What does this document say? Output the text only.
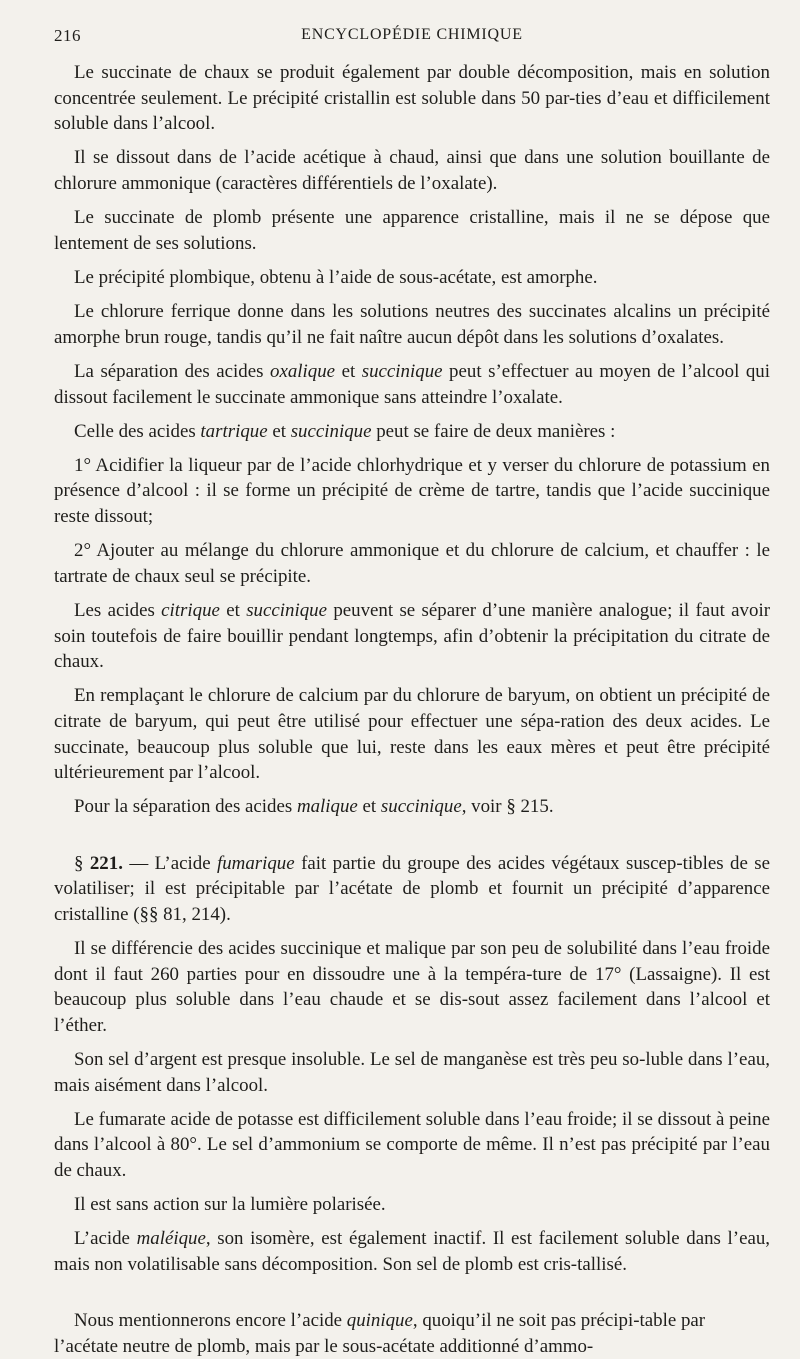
216	ENCYCLOPÉDIE CHIMIQUE

Le succinate de chaux se produit également par double décomposition, mais en solution concentrée seulement. Le précipité cristallin est soluble dans 50 par-ties d’eau et difficilement soluble dans l’alcool.

Il se dissout dans de l’acide acétique à chaud, ainsi que dans une solution bouillante de chlorure ammonique (caractères différentiels de l’oxalate).

Le succinate de plomb présente une apparence cristalline, mais il ne se dépose que lentement de ses solutions.

Le précipité plombique, obtenu à l’aide de sous-acétate, est amorphe.

Le chlorure ferrique donne dans les solutions neutres des succinates alcalins un précipité amorphe brun rouge, tandis qu’il ne fait naître aucun dépôt dans les solutions d’oxalates.

La séparation des acides oxalique et succinique peut s’effectuer au moyen de l’alcool qui dissout facilement le succinate ammonique sans atteindre l’oxalate.

Celle des acides tartrique et succinique peut se faire de deux manières :

1° Acidifier la liqueur par de l’acide chlorhydrique et y verser du chlorure de potassium en présence d’alcool : il se forme un précipité de crème de tartre, tandis que l’acide succinique reste dissout;

2° Ajouter au mélange du chlorure ammonique et du chlorure de calcium, et chauffer : le tartrate de chaux seul se précipite.

Les acides citrique et succinique peuvent se séparer d’une manière analogue; il faut avoir soin toutefois de faire bouillir pendant longtemps, afin d’obtenir la précipitation du citrate de chaux.

En remplaçant le chlorure de calcium par du chlorure de baryum, on obtient un précipité de citrate de baryum, qui peut être utilisé pour effectuer une sépa-ration des deux acides. Le succinate, beaucoup plus soluble que lui, reste dans les eaux mères et peut être précipité ultérieurement par l’alcool.

Pour la séparation des acides malique et succinique, voir § 215.

§ 221. — L’acide fumarique fait partie du groupe des acides végétaux suscep-tibles de se volatiliser; il est précipitable par l’acétate de plomb et fournit un précipité d’apparence cristalline (§§ 81, 214).

Il se différencie des acides succinique et malique par son peu de solubilité dans l’eau froide dont il faut 260 parties pour en dissoudre une à la tempéra-ture de 17° (Lassaigne). Il est beaucoup plus soluble dans l’eau chaude et se dis-sout assez facilement dans l’alcool et l’éther.

Son sel d’argent est presque insoluble. Le sel de manganèse est très peu so-luble dans l’eau, mais aisément dans l’alcool.

Le fumarate acide de potasse est difficilement soluble dans l’eau froide; il se dissout à peine dans l’alcool à 80°. Le sel d’ammonium se comporte de même. Il n’est pas précipité par l’eau de chaux.

Il est sans action sur la lumière polarisée.

L’acide maléique, son isomère, est également inactif. Il est facilement soluble dans l’eau, mais non volatilisable sans décomposition. Son sel de plomb est cris-tallisé.

Nous mentionnerons encore l’acide quinique, quoiqu’il ne soit pas précipi-table par l’acétate neutre de plomb, mais par le sous-acétate additionné d’ammo-
